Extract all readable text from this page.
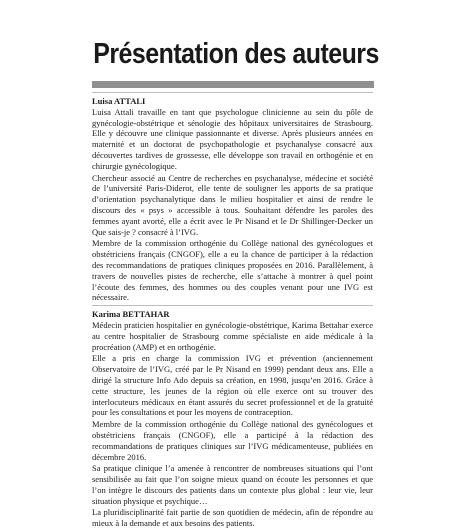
Présentation des auteurs

Luisa ATTALI

Luisa Attali travaille en tant que psychologue clinicienne au sein du pôle de gynécologie-obstétrique et sénologie des hôpitaux universitaires de Strasbourg. Elle y découvre une clinique passionnante et diverse. Après plusieurs années en maternité et un doctorat de psychopathologie et psychanalyse consacré aux découvertes tardives de grossesse, elle développe son travail en orthogénie et en chirurgie gynécologique.

Chercheur associé au Centre de recherches en psychanalyse, médecine et société de l’université Paris-Diderot, elle tente de souligner les apports de sa pratique d’orientation psychanalytique dans le milieu hospitalier et ainsi de rendre le discours des « psys » accessible à tous. Souhaitant défendre les paroles des femmes ayant avorté, elle a écrit avec le Pr Nisand et le Dr Shillinger-Decker un Que sais-je ? consacré à l’IVG.

Membre de la commission orthogénie du Collège national des gynécologues et obstétriciens français (CNGOF), elle a eu la chance de participer à la rédaction des recommandations de pratiques cliniques proposées en 2016. Parallèlement, à travers de nouvelles pistes de recherche, elle s’attache à montrer à quel point l’écoute des femmes, des hommes ou des couples venant pour une IVG est nécessaire.

Karima BETTAHAR

Médecin praticien hospitalier en gynécologie-obstétrique, Karima Bettahar exerce au centre hospitalier de Strasbourg comme spécialiste en aide médicale à la procréation (AMP) et en orthogénie.

Elle a pris en charge la commission IVG et prévention (anciennement Observatoire de l’IVG, créé par le Pr Nisand en 1999) pendant deux ans. Elle a dirigé la structure Info Ado depuis sa création, en 1998, jusqu’en 2016. Grâce à cette structure, les jeunes de la région où elle exerce ont su trouver des interlocuteurs médicaux en étant assurés du secret professionnel et de la gratuité pour les consultations et pour les moyens de contraception.

Membre de la commission orthogénie du Collège national des gynécologues et obstétriciens français (CNGOF), elle a participé à la rédaction des recommandations de pratiques cliniques sur l’IVG médicamenteuse, publiées en décembre 2016.

Sa pratique clinique l’a amenée à rencontrer de nombreuses situations qui l’ont sensibilisée au fait que l’on soigne mieux quand on écoute les personnes et que l’on intègre le discours des patients dans un contexte plus global : leur vie, leur situation physique et psychique…

La pluridisciplinarité fait partie de son quotidien de médecin, afin de répondre au mieux à la demande et aux besoins des patients.
